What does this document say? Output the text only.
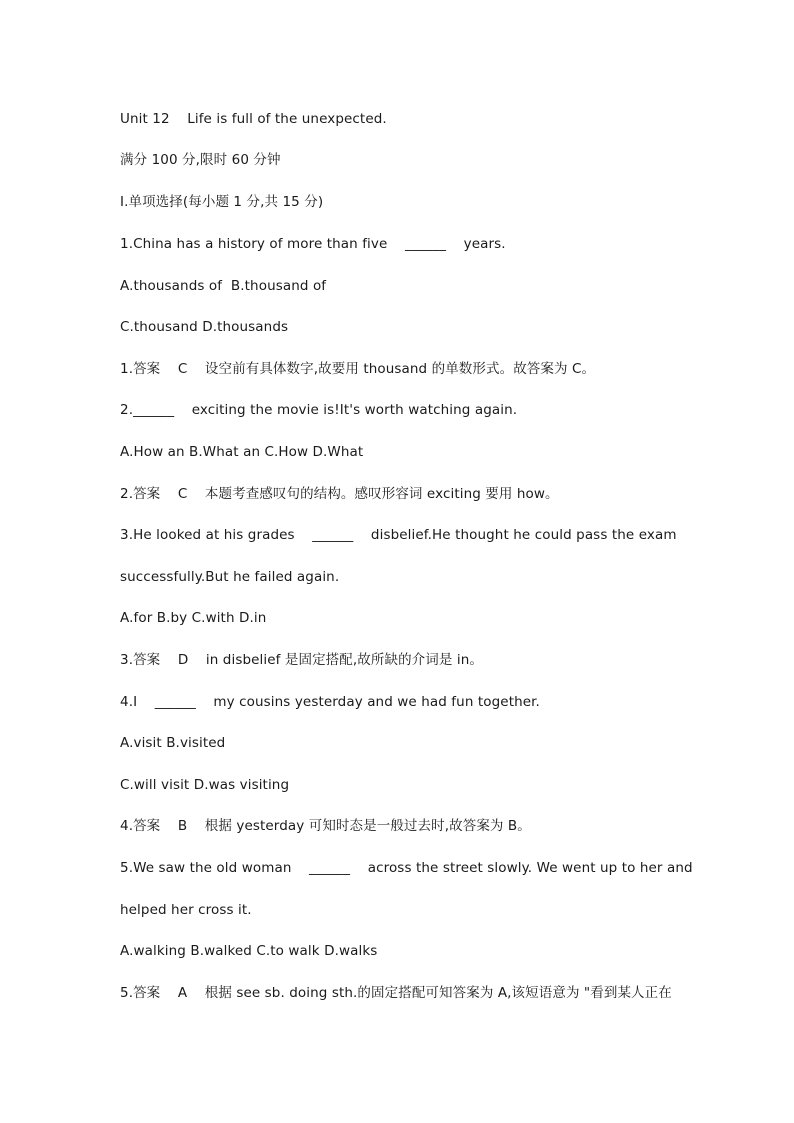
Unit 12    Life is full of the unexpected.
满分 100 分,限时 60 分钟
Ⅰ.单项选择(每小题 1 分,共 15 分)
1.China has a history of more than five    ______    years.
A.thousands of  B.thousand of
C.thousand D.thousands
1.答案    C    设空前有具体数字,故要用 thousand 的单数形式。故答案为 C。
2.______    exciting the movie is!It's worth watching again.
A.How an B.What an C.How D.What
2.答案    C    本题考查感叹句的结构。感叹形容词 exciting 要用 how。
3.He looked at his grades    ______    disbelief.He thought he could pass the exam
successfully.But he failed again.
A.for B.by C.with D.in
3.答案    D    in disbelief 是固定搭配,故所缺的介词是 in。
4.I    ______    my cousins yesterday and we had fun together.
A.visit B.visited
C.will visit D.was visiting
4.答案    B    根据 yesterday 可知时态是一般过去时,故答案为 B。
5.We saw the old woman    ______    across the street slowly. We went up to her and
helped her cross it.
A.walking B.walked C.to walk D.walks
5.答案    A    根据 see sb. doing sth.的固定搭配可知答案为 A,该短语意为 "看到某人正在
